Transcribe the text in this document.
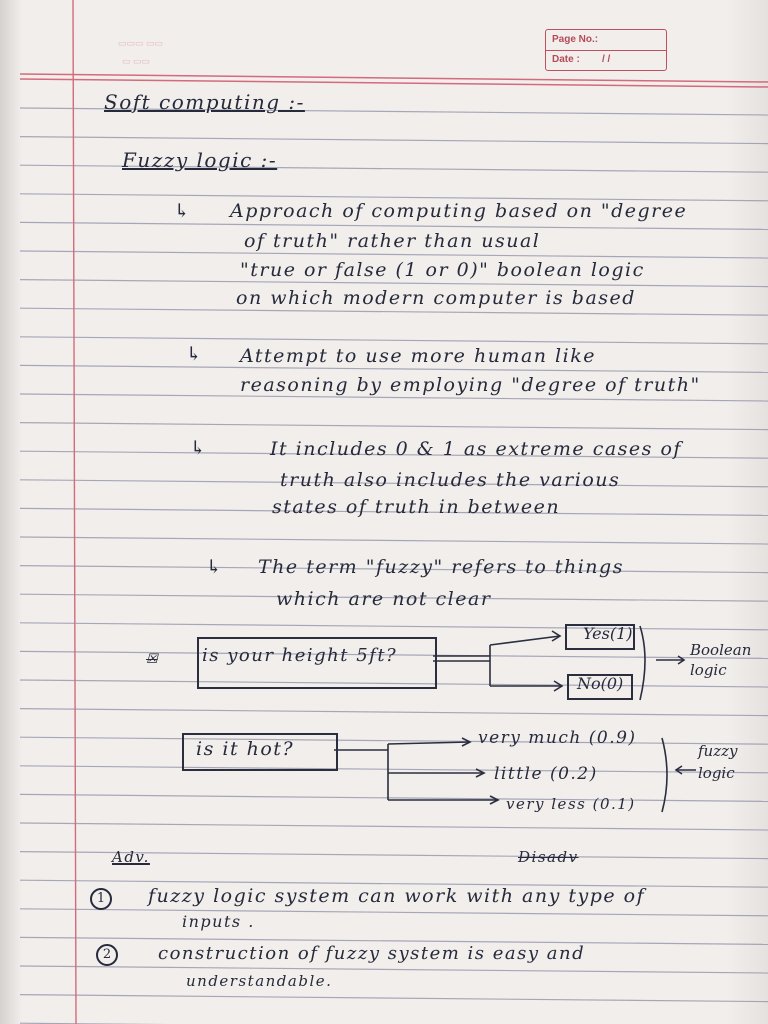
▭▭▭ ▭▭
▭ ▭▭
Page No.:
Date : / /

Soft computing :-

Fuzzy logic :-

↳ Approach of computing based on "degree

of truth" rather than usual

"true or false (1 or 0)" boolean logic

on which modern computer is based

↳ Attempt to use more human like

reasoning by employing "degree of truth"

↳	It includes 0 & 1 as extreme cases of

truth also includes the various

states of truth in between

↳ The term "fuzzy" refers to things

which are not clear

is your height 5ft?

Yes(1)

No(0)

Boolean logic

is it hot?	very much (0.9)

little (0.2)

very less (0.1)

fuzzy logic

☒

Adv.	Disadv

1	fuzzy logic system can work with any type of

inputs .

2	construction of fuzzy system is easy and

understandable.
